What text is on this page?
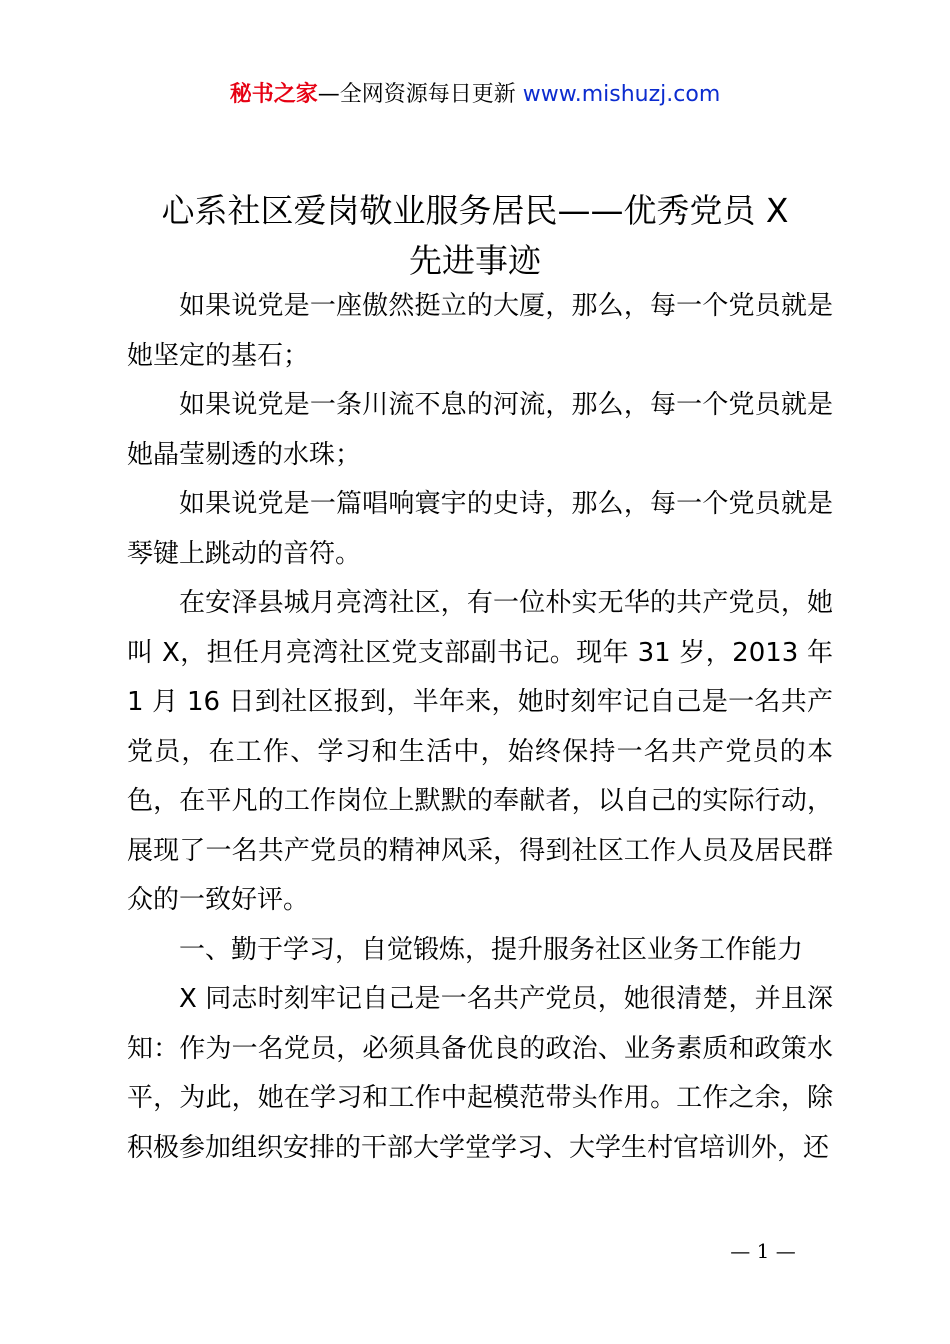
秘书之家—全网资源每日更新 www.mishuzj.com
心系社区爱岗敬业服务居民——优秀党员 X
先进事迹

如果说党是一座傲然挺立的大厦，那么，每一个党员就是她坚定的基石；

如果说党是一条川流不息的河流，那么，每一个党员就是她晶莹剔透的水珠；

如果说党是一篇唱响寰宇的史诗，那么，每一个党员就是琴键上跳动的音符。

在安泽县城月亮湾社区，有一位朴实无华的共产党员，她叫 X，担任月亮湾社区党支部副书记。现年 31 岁，2013 年 1 月 16 日到社区报到，半年来，她时刻牢记自己是一名共产党员，在工作、学习和生活中，始终保持一名共产党员的本色，在平凡的工作岗位上默默的奉献者，以自己的实际行动，展现了一名共产党员的精神风采，得到社区工作人员及居民群众的一致好评。

一、勤于学习，自觉锻炼，提升服务社区业务工作能力

X 同志时刻牢记自己是一名共产党员，她很清楚，并且深知：作为一名党员，必须具备优良的政治、业务素质和政策水平，为此，她在学习和工作中起模范带头作用。工作之余，除积极参加组织安排的干部大学堂学习、大学生村官培训外，还

— 1 —
